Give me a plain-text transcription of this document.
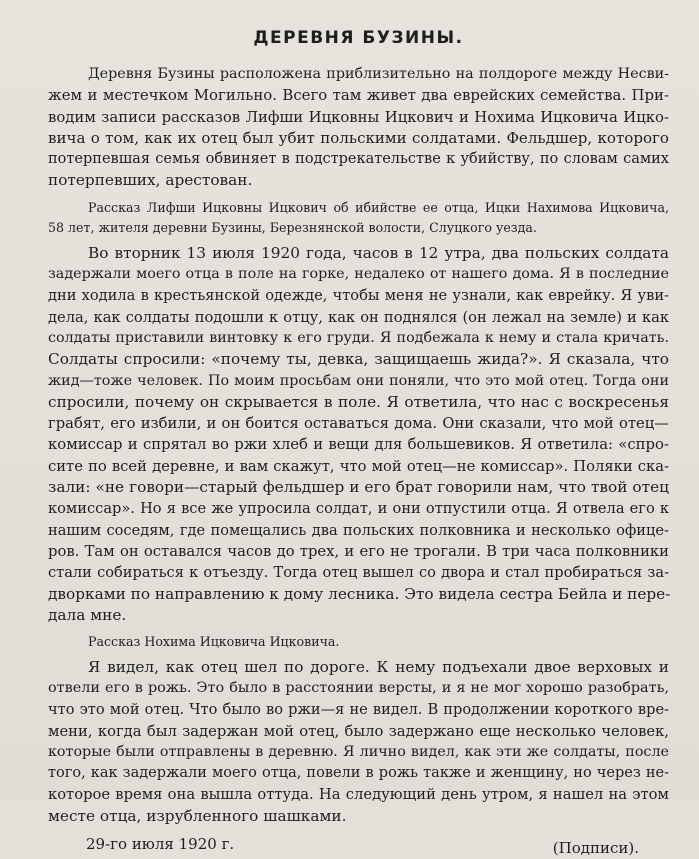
ДЕРЕВНЯ БУЗИНЫ.
Деревня Бузины расположена приблизительно на полдороге между Несви-
жем и местечком Могильно. Всего там живет два еврейских семейства. При-
водим записи рассказов Лифши Ицковны Ицкович и Нохима Ицковича Ицко-
вича о том, как их отец был убит польскими солдатами. Фельдшер, которого
потерпевшая семья обвиняет в подстрекательстве к убийству, по словам самих
потерпевших, арестован.
Рассказ Лифши Ицковны Ицкович об ибийстве ее отца, Ицки Нахимова Ицковича,
58 лет, жителя деревни Бузины, Березнянской волости, Слуцкого уезда.
Во вторник 13 июля 1920 года, часов в 12 утра, два польских солдата
задержали моего отца в поле на горке, недалеко от нашего дома. Я в последние
дни ходила в крестьянской одежде, чтобы меня не узнали, как еврейку. Я уви-
дела, как солдаты подошли к отцу, как он поднялся (он лежал на земле) и как
солдаты приставили винтовку к его груди. Я подбежала к нему и стала кричать.
Солдаты спросили: «почему ты, девка, защищаешь жида?». Я сказала, что
жид—тоже человек. По моим просьбам они поняли, что это мой отец. Тогда они
спросили, почему он скрывается в поле. Я ответила, что нас с воскресенья
грабят, его избили, и он боится оставаться дома. Они сказали, что мой отец—
комиссар и спрятал во ржи хлеб и вещи для большевиков. Я ответила: «спро-
сите по всей деревне, и вам скажут, что мой отец—не комиссар». Поляки ска-
зали: «не говори—старый фельдшер и его брат говорили нам, что твой отец
комиссар». Но я все же упросила солдат, и они отпустили отца. Я отвела его к
нашим соседям, где помещались два польских полковника и несколько офице-
ров. Там он оставался часов до трех, и его не трогали. В три часа полковники
стали собираться к отъезду. Тогда отец вышел со двора и стал пробираться за-
дворками по направлению к дому лесника. Это видела сестра Бейла и пере-
дала мне.
Рассказ Нохима Ицковича Ицковича.
Я видел, как отец шел по дороге. К нему подъехали двое верховых и
отвели его в рожь. Это было в расстоянии версты, и я не мог хорошо разобрать,
что это мой отец. Что было во ржи—я не видел. В продолжении короткого вре-
мени, когда был задержан мой отец, было задержано еще несколько человек,
которые были отправлены в деревню. Я лично видел, как эти же солдаты, после
того, как задержали моего отца, повели в рожь также и женщину, но через не-
которое время она вышла оттуда. На следующий день утром, я нашел на этом
месте отца, изрубленного шашками.
29-го июля 1920 г.	(Подписи).
